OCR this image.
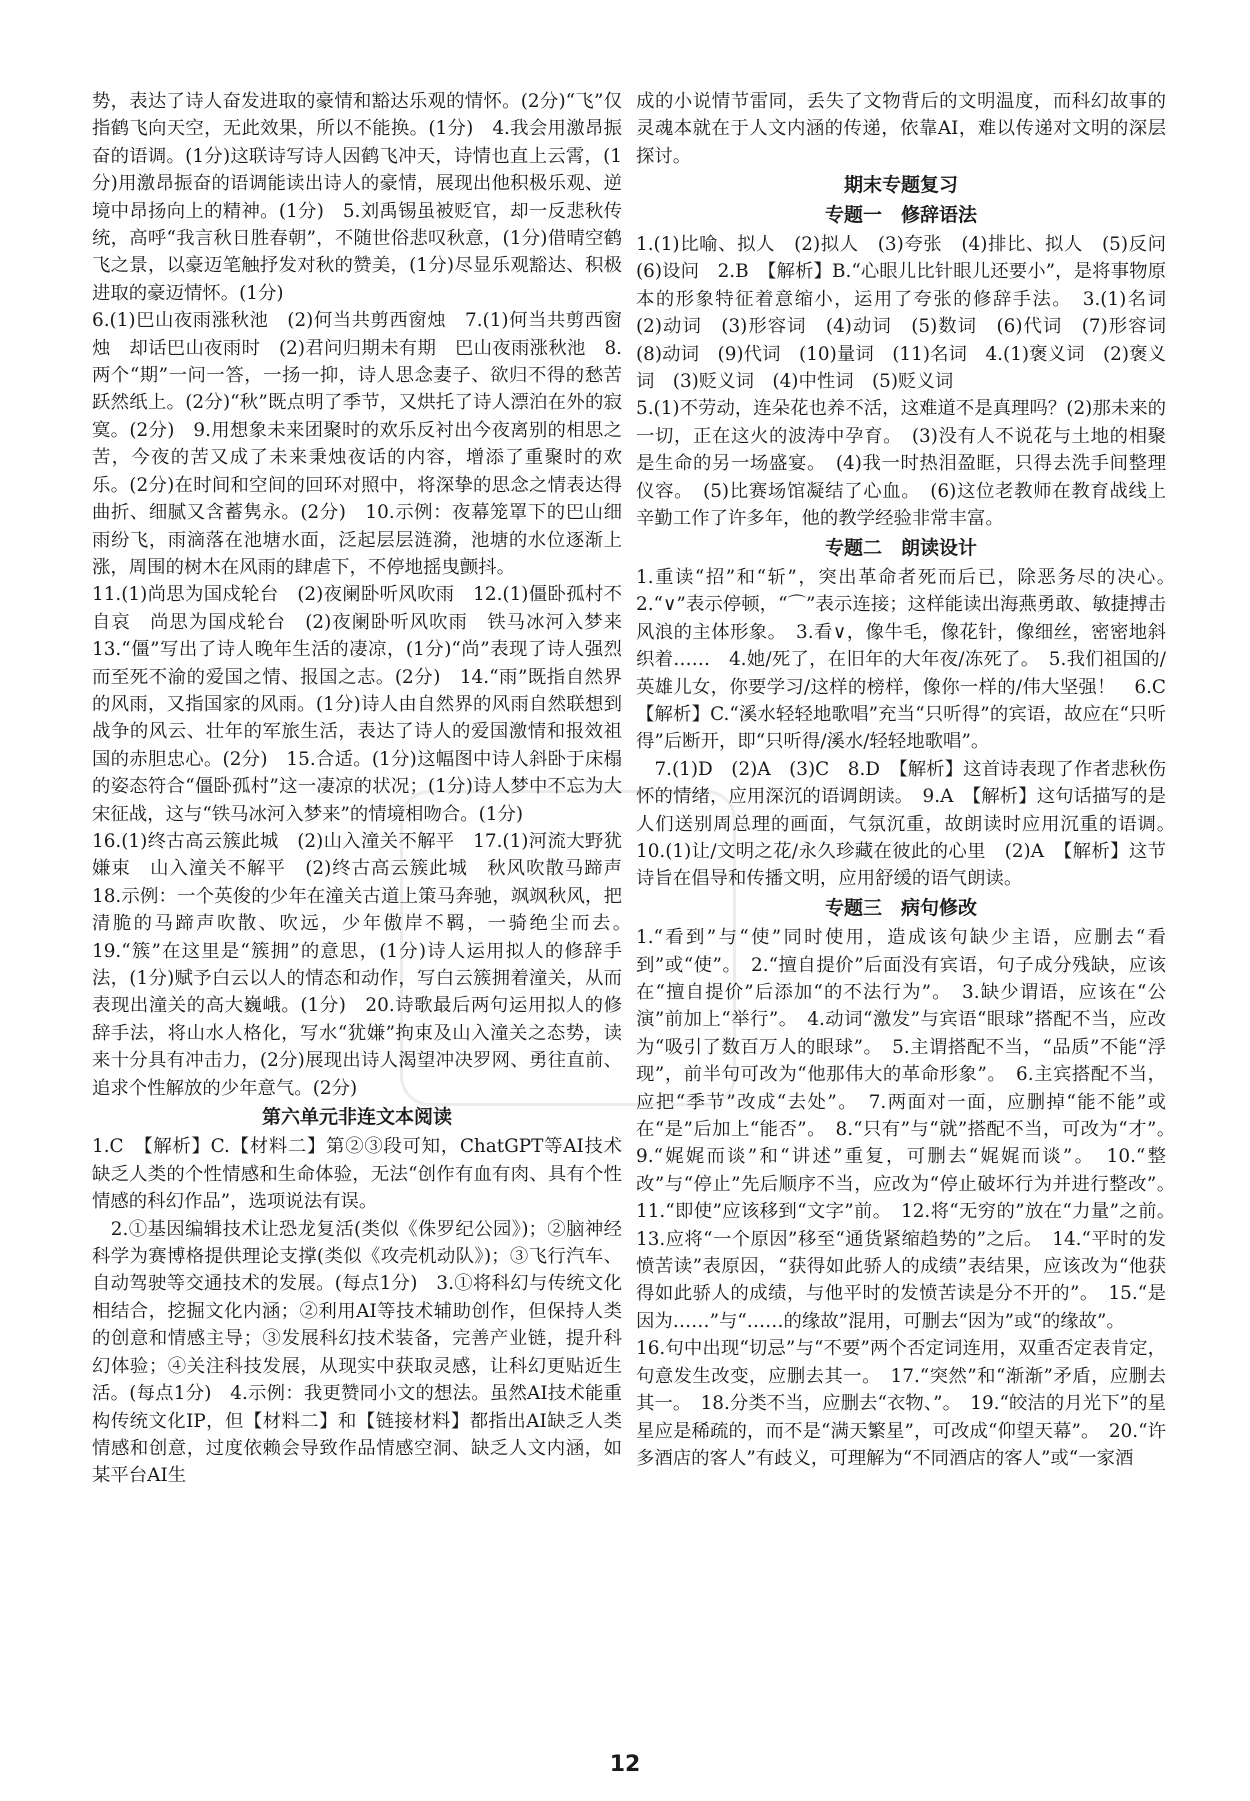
势，表达了诗人奋发进取的豪情和豁达乐观的情怀。(2分)“飞”仅指鹤飞向天空，无此效果，所以不能换。(1分)　4.我会用激昂振奋的语调。(1分)这联诗写诗人因鹤飞冲天，诗情也直上云霄，(1分)用激昂振奋的语调能读出诗人的豪情，展现出他积极乐观、逆境中昂扬向上的精神。(1分)　5.刘禹锡虽被贬官，却一反悲秋传统，高呼“我言秋日胜春朝”，不随世俗悲叹秋意，(1分)借晴空鹤飞之景，以豪迈笔触抒发对秋的赞美，(1分)尽显乐观豁达、积极进取的豪迈情怀。(1分)

6.(1)巴山夜雨涨秋池　(2)何当共剪西窗烛　7.(1)何当共剪西窗烛　却话巴山夜雨时　(2)君问归期未有期　巴山夜雨涨秋池　8.两个“期”一问一答，一扬一抑，诗人思念妻子、欲归不得的愁苦跃然纸上。(2分)“秋”既点明了季节，又烘托了诗人漂泊在外的寂寞。(2分)　9.用想象未来团聚时的欢乐反衬出今夜离别的相思之苦，今夜的苦又成了未来秉烛夜话的内容，增添了重聚时的欢乐。(2分)在时间和空间的回环对照中，将深挚的思念之情表达得曲折、细腻又含蓄隽永。(2分)　10.示例：夜幕笼罩下的巴山细雨纷飞，雨滴落在池塘水面，泛起层层涟漪，池塘的水位逐渐上涨，周围的树木在风雨的肆虐下，不停地摇曳颤抖。

11.(1)尚思为国戍轮台　(2)夜阑卧听风吹雨　12.(1)僵卧孤村不自哀　尚思为国戍轮台　(2)夜阑卧听风吹雨　铁马冰河入梦来　13.“僵”写出了诗人晚年生活的凄凉，(1分)“尚”表现了诗人强烈而至死不渝的爱国之情、报国之志。(2分)　14.“雨”既指自然界的风雨，又指国家的风雨。(1分)诗人由自然界的风雨自然联想到战争的风云、壮年的军旅生活，表达了诗人的爱国激情和报效祖国的赤胆忠心。(2分)　15.合适。(1分)这幅图中诗人斜卧于床榻的姿态符合“僵卧孤村”这一凄凉的状况；(1分)诗人梦中不忘为大宋征战，这与“铁马冰河入梦来”的情境相吻合。(1分)

16.(1)终古高云簇此城　(2)山入潼关不解平　17.(1)河流大野犹嫌束　山入潼关不解平　(2)终古高云簇此城　秋风吹散马蹄声　18.示例：一个英俊的少年在潼关古道上策马奔驰，飒飒秋风，把清脆的马蹄声吹散、吹远，少年傲岸不羁，一骑绝尘而去。　19.“簇”在这里是“簇拥”的意思，(1分)诗人运用拟人的修辞手法，(1分)赋予白云以人的情态和动作，写白云簇拥着潼关，从而表现出潼关的高大巍峨。(1分)　20.诗歌最后两句运用拟人的修辞手法，将山水人格化，写水“犹嫌”拘束及山入潼关之态势，读来十分具有冲击力，(2分)展现出诗人渴望冲决罗网、勇往直前、追求个性解放的少年意气。(2分)

第六单元非连文本阅读

1.C　【解析】C.【材料二】第②③段可知，ChatGPT等AI技术缺乏人类的个性情感和生命体验，无法“创作有血有肉、具有个性情感的科幻作品”，选项说法有误。

　2.①基因编辑技术让恐龙复活(类似《侏罗纪公园》)；②脑神经科学为赛博格提供理论支撑(类似《攻壳机动队》)；③飞行汽车、自动驾驶等交通技术的发展。(每点1分)　3.①将科幻与传统文化相结合，挖掘文化内涵；②利用AI等技术辅助创作，但保持人类的创意和情感主导；③发展科幻技术装备，完善产业链，提升科幻体验；④关注科技发展，从现实中获取灵感，让科幻更贴近生活。(每点1分)　4.示例：我更赞同小文的想法。虽然AI技术能重构传统文化IP，但【材料二】和【链接材料】都指出AI缺乏人类情感和创意，过度依赖会导致作品情感空洞、缺乏人文内涵，如某平台AI生

成的小说情节雷同，丢失了文物背后的文明温度，而科幻故事的灵魂本就在于人文内涵的传递，依靠AI，难以传递对文明的深层探讨。

期末专题复习

专题一　修辞语法

1.(1)比喻、拟人　(2)拟人　(3)夸张　(4)排比、拟人　(5)反问　(6)设问　2.B　【解析】B.“心眼儿比针眼儿还要小”，是将事物原本的形象特征着意缩小，运用了夸张的修辞手法。　3.(1)名词　(2)动词　(3)形容词　(4)动词　(5)数词　(6)代词　(7)形容词　(8)动词　(9)代词　(10)量词　(11)名词　4.(1)褒义词　(2)褒义词　(3)贬义词　(4)中性词　(5)贬义词

5.(1)不劳动，连朵花也养不活，这难道不是真理吗？(2)那未来的一切，正在这火的波涛中孕育。　(3)没有人不说花与土地的相聚是生命的另一场盛宴。　(4)我一时热泪盈眶，只得去洗手间整理仪容。　(5)比赛场馆凝结了心血。　(6)这位老教师在教育战线上辛勤工作了许多年，他的教学经验非常丰富。

专题二　朗读设计

1.重读“招”和“斩”，突出革命者死而后已，除恶务尽的决心。　2.“∨”表示停顿，“⌒”表示连接；这样能读出海燕勇敢、敏捷搏击风浪的主体形象。　3.看∨，像牛毛，像花针，像细丝，密密地斜织着……　4.她/死了，在旧年的大年夜/冻死了。　5.我们祖国的/英雄儿女，你要学习/这样的榜样，像你一样的/伟大坚强！　6.C　【解析】C.“溪水轻轻地歌唱”充当“只听得”的宾语，故应在“只听得”后断开，即“只听得/溪水/轻轻地歌唱”。

　7.(1)D　(2)A　(3)C　8.D　【解析】这首诗表现了作者悲秋伤怀的情绪，应用深沉的语调朗读。　9.A　【解析】这句话描写的是人们送别周总理的画面，气氛沉重，故朗读时应用沉重的语调。　10.(1)让/文明之花/永久珍藏在彼此的心里　(2)A　【解析】这节诗旨在倡导和传播文明，应用舒缓的语气朗读。

专题三　病句修改

1.“看到”与“使”同时使用，造成该句缺少主语，应删去“看到”或“使”。　2.“擅自提价”后面没有宾语，句子成分残缺，应该在“擅自提价”后添加“的不法行为”。　3.缺少谓语，应该在“公演”前加上“举行”。　4.动词“激发”与宾语“眼球”搭配不当，应改为“吸引了数百万人的眼球”。　5.主谓搭配不当，“品质”不能“浮现”，前半句可改为“他那伟大的革命形象”。　6.主宾搭配不当，应把“季节”改成“去处”。　7.两面对一面，应删掉“能不能”或在“是”后加上“能否”。　8.“只有”与“就”搭配不当，可改为“才”。　9.“娓娓而谈”和“讲述”重复，可删去“娓娓而谈”。　10.“整改”与“停止”先后顺序不当，应改为“停止破坏行为并进行整改”。　11.“即使”应该移到“文字”前。　12.将“无穷的”放在“力量”之前。　13.应将“一个原因”移至“通货紧缩趋势的”之后。　14.“平时的发愤苦读”表原因，“获得如此骄人的成绩”表结果，应该改为“他获得如此骄人的成绩，与他平时的发愤苦读是分不开的”。　15.“是因为……”与“……的缘故”混用，可删去“因为”或“的缘故”。

16.句中出现“切忌”与“不要”两个否定词连用，双重否定表肯定，句意发生改变，应删去其一。　17.“突然”和“渐渐”矛盾，应删去其一。　18.分类不当，应删去“衣物、”。　19.“皎洁的月光下”的星星应是稀疏的，而不是“满天繁星”，可改成“仰望天幕”。　20.“许多酒店的客人”有歧义，可理解为“不同酒店的客人”或“一家酒

12
